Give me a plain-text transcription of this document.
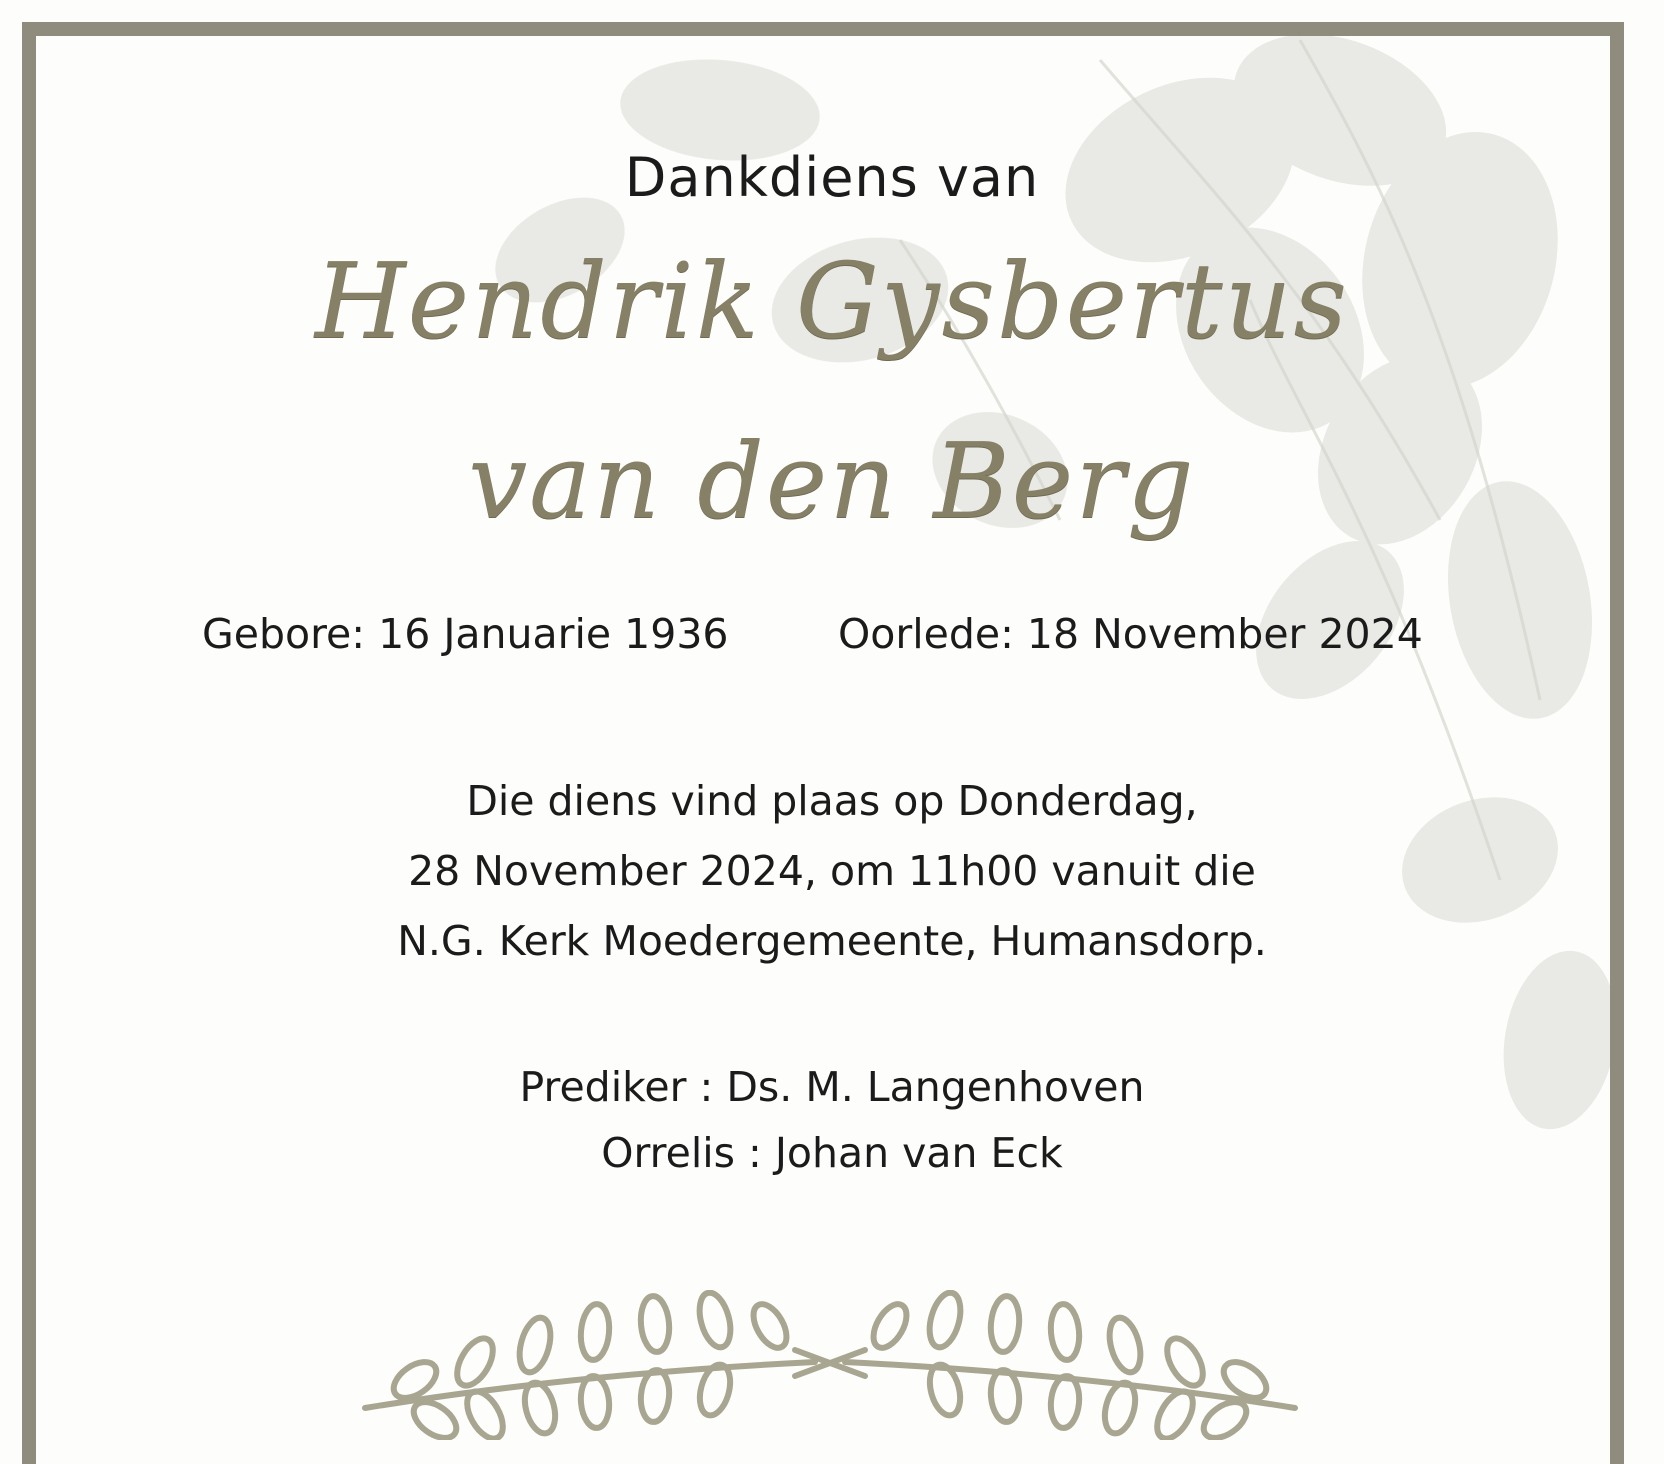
Dankdiens van
Hendrik Gysbertus
van den Berg
Gebore: 16 Januarie 1936	Oorlede: 18 November 2024
Die diens vind plaas op Donderdag,
28 November 2024, om 11h00 vanuit die
N.G. Kerk Moedergemeente, Humansdorp.
Prediker : Ds. M. Langenhoven
Orrelis : Johan van Eck
